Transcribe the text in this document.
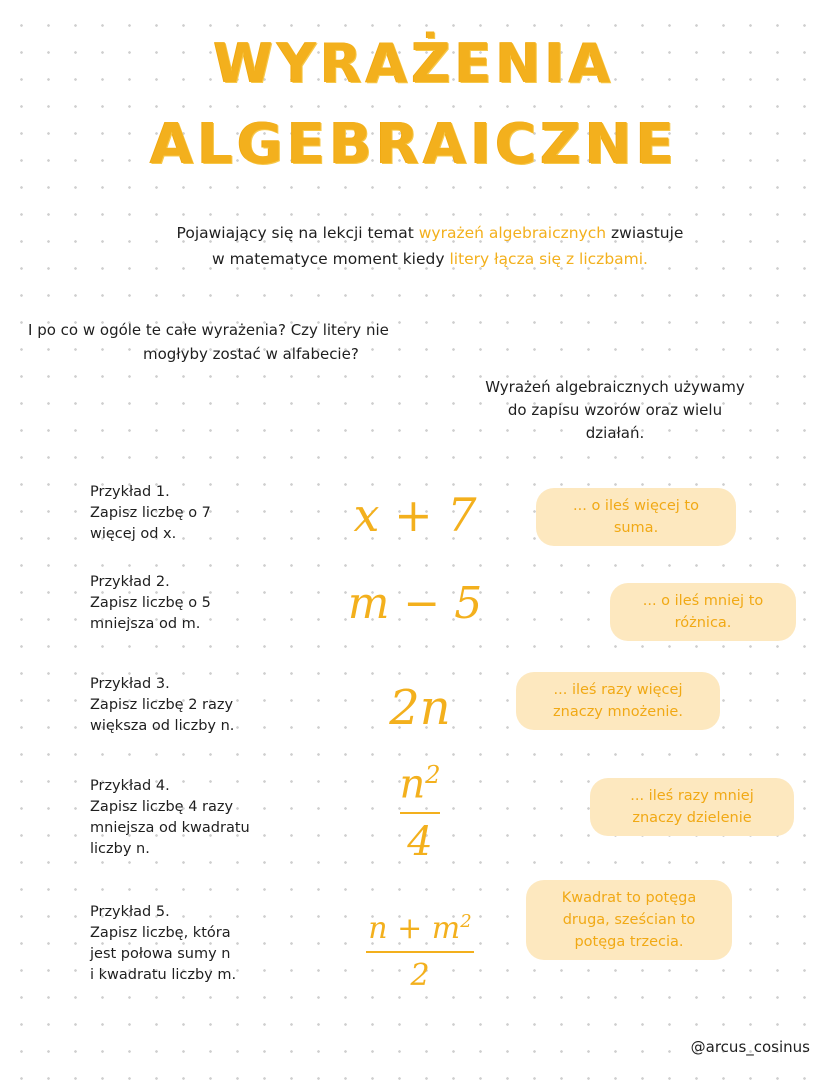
WYRAŻENIA
ALGEBRAICZNE
Pojawiający się na lekcji temat wyrażeń algebraicznych zwiastuje
w matematyce moment kiedy litery łącza się z liczbami.
I po co w ogóle te całe wyrażenia? Czy litery nie
mogłyby zostać w alfabecie?
Wyrażeń algebraicznych używamy
do zapisu wzorów oraz wielu
działań.
Przykład 1.
Zapisz liczbę o 7
więcej od x.	x + 7	... o ileś więcej to
suma.
Przykład 2.
Zapisz liczbę o 5
mniejsza od m.	m − 5	... o ileś mniej to
różnica.
Przykład 3.
Zapisz liczbę 2 razy
większa od liczby n.	2n	... ileś razy więcej
znaczy mnożenie.
Przykład 4.
Zapisz liczbę 4 razy
mniejsza od kwadratu
liczby n.
$n^2$
4
... ileś razy mniej
znaczy dzielenie
Przykład 5.
Zapisz liczbę, która
jest połowa sumy n
i kwadratu liczby m.
$n + m^2$
2
Kwadrat to potęga
druga, sześcian to
potęga trzecia.
@arcus_cosinus
